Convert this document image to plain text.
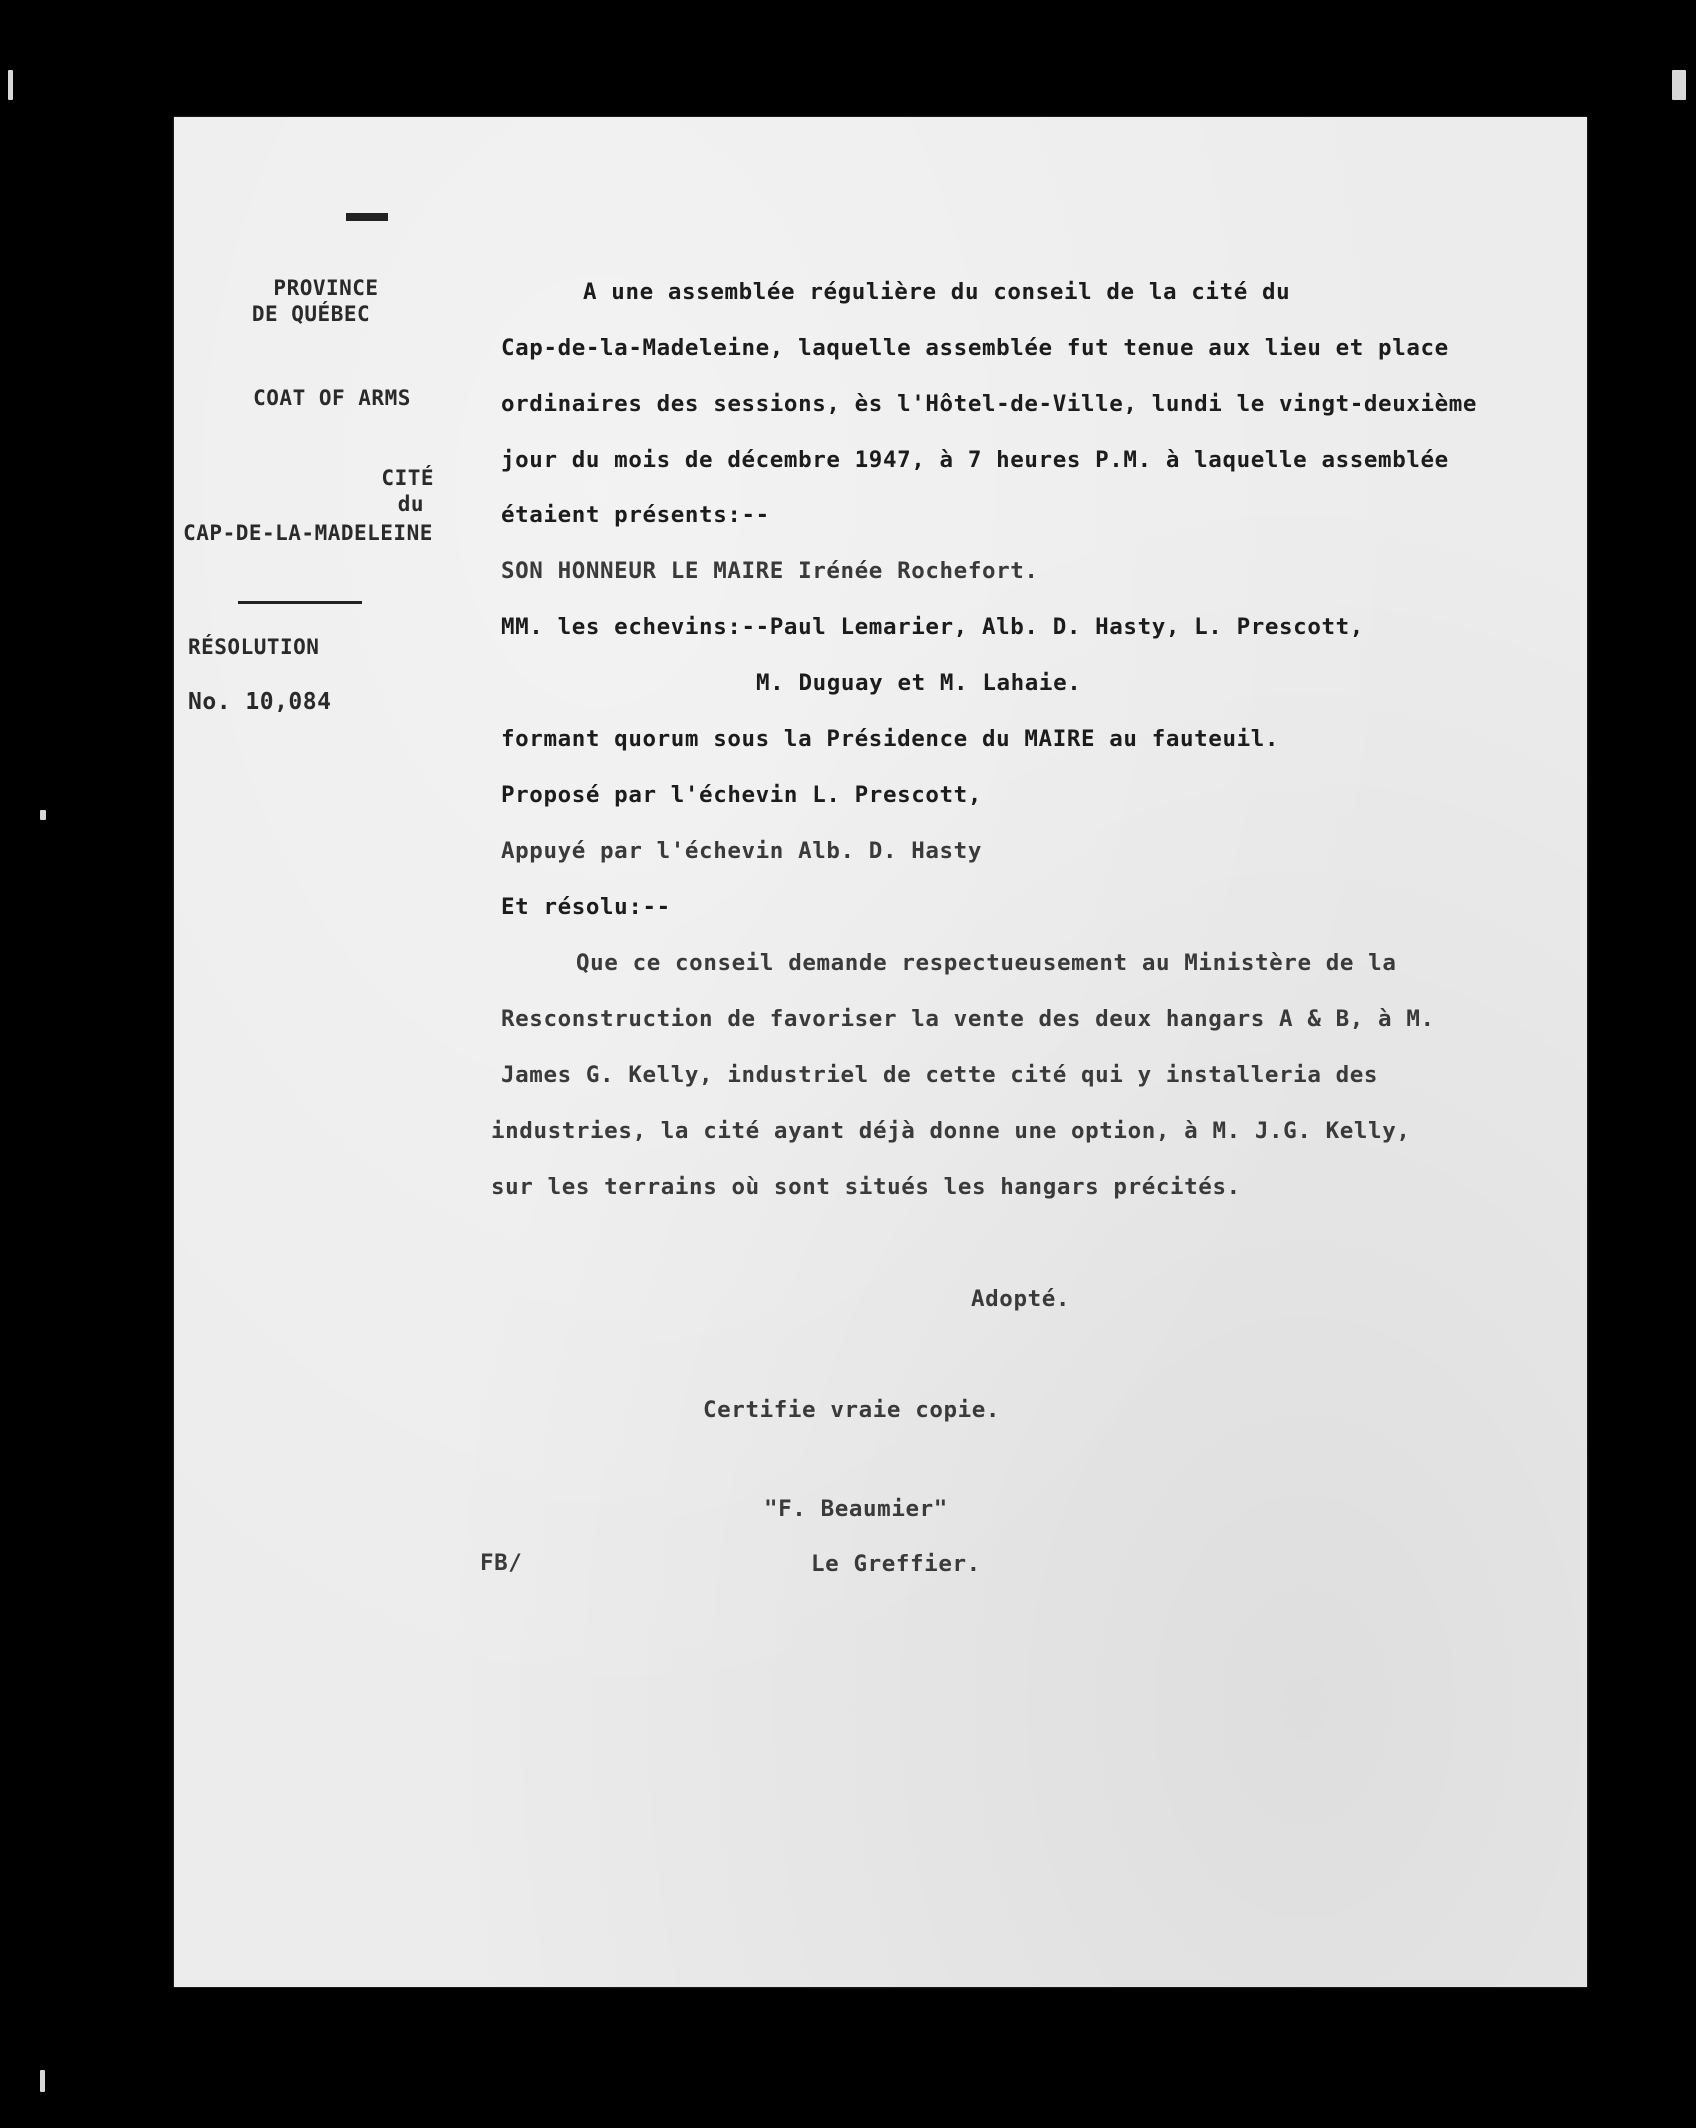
PROVINCE
DE QUÉBEC
COAT OF ARMS
CITÉ
du
CAP-DE-LA-MADELEINE
RÉSOLUTION
No. 10,084
A une assemblée régulière du conseil de la cité du
Cap-de-la-Madeleine, laquelle assemblée fut tenue aux lieu et place
ordinaires des sessions, ès l'Hôtel-de-Ville, lundi le vingt-deuxième
jour du mois de décembre 1947, à 7 heures P.M. à laquelle assemblée
étaient présents:--
SON HONNEUR LE MAIRE Irénée Rochefort.
MM. les echevins:--Paul Lemarier, Alb. D. Hasty, L. Prescott,
M. Duguay et M. Lahaie.
formant quorum sous la Présidence du MAIRE au fauteuil.
Proposé par l'échevin L. Prescott,
Appuyé par l'échevin Alb. D. Hasty
Et résolu:--
Que ce conseil demande respectueusement au Ministère de la
Resconstruction de favoriser la vente des deux hangars A & B, à M.
James G. Kelly, industriel de cette cité qui y installeria des
industries, la cité ayant déjà donne une option, à M. J.G. Kelly,
sur les terrains où sont situés les hangars précités.
Adopté.
Certifie vraie copie.
"F. Beaumier"
FB/	Le Greffier.
